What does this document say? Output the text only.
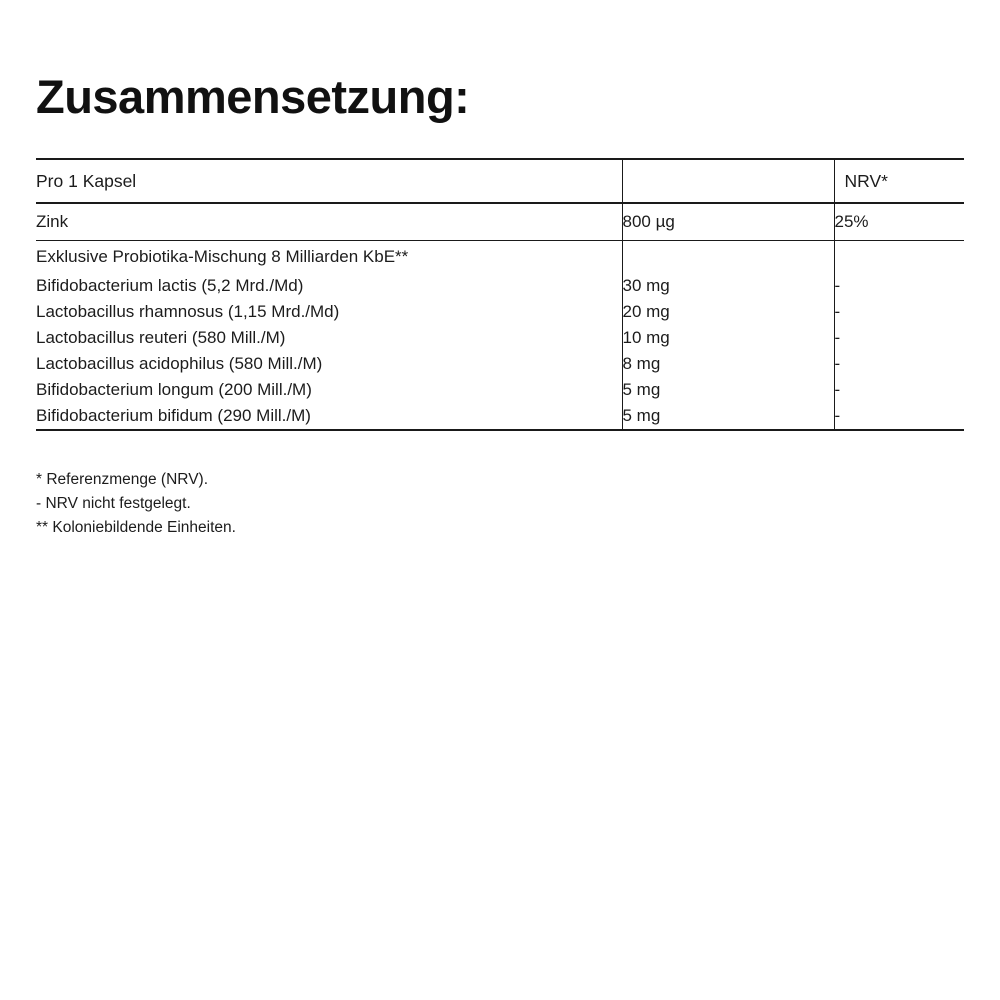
Zusammensetzung:
Pro 1 Kapsel		NRV*
Zink	800 µg	25%
Exklusive Probiotika-Mischung 8 Milliarden KbE**		
Bifidobacterium lactis (5,2 Mrd./Md)	30 mg	-
Lactobacillus rhamnosus (1,15 Mrd./Md)	20 mg	-
Lactobacillus reuteri (580 Mill./M)	10 mg	-
Lactobacillus acidophilus (580 Mill./M)	8 mg	-
Bifidobacterium longum (200 Mill./M)	5 mg	-
Bifidobacterium bifidum (290 Mill./M)	5 mg	-
* Referenzmenge (NRV).
- NRV nicht festgelegt.
** Koloniebildende Einheiten.
